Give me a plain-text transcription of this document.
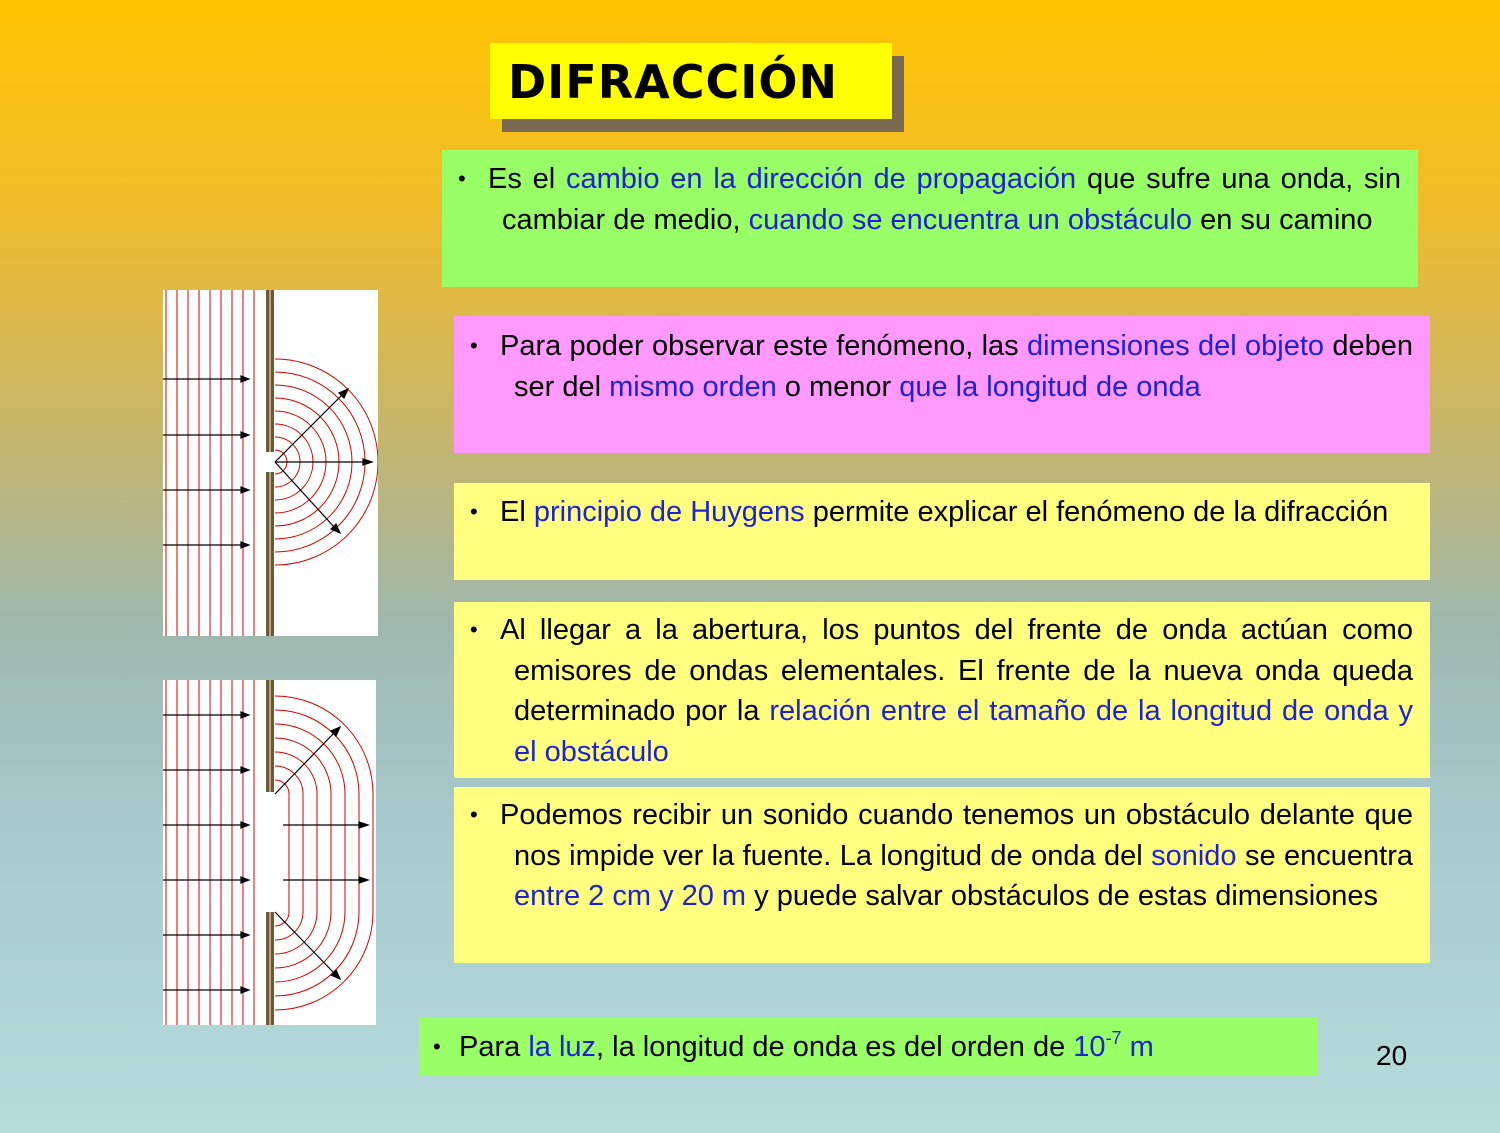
DIFRACCIÓN

• Es el cambio en la dirección de propagación que sufre una onda, sin cambiar de medio, cuando se encuentra un obstáculo en su camino

• Para poder observar este fenómeno, las dimensiones del objeto deben ser del mismo orden o menor que la longitud de onda

• El principio de Huygens permite explicar el fenómeno de la difracción

• Al llegar a la abertura, los puntos del frente de onda actúan como emisores de ondas elementales. El frente de la nueva onda queda determinado por la relación entre el tamaño de la longitud de onda y el obstáculo

• Podemos recibir un sonido cuando tenemos un obstáculo delante que nos impide ver la fuente. La longitud de onda del sonido se encuentra entre 2 cm y 20 m y puede salvar obstáculos de estas dimensiones

• Para la luz, la longitud de onda es del orden de $10^{-7}$ m	20
